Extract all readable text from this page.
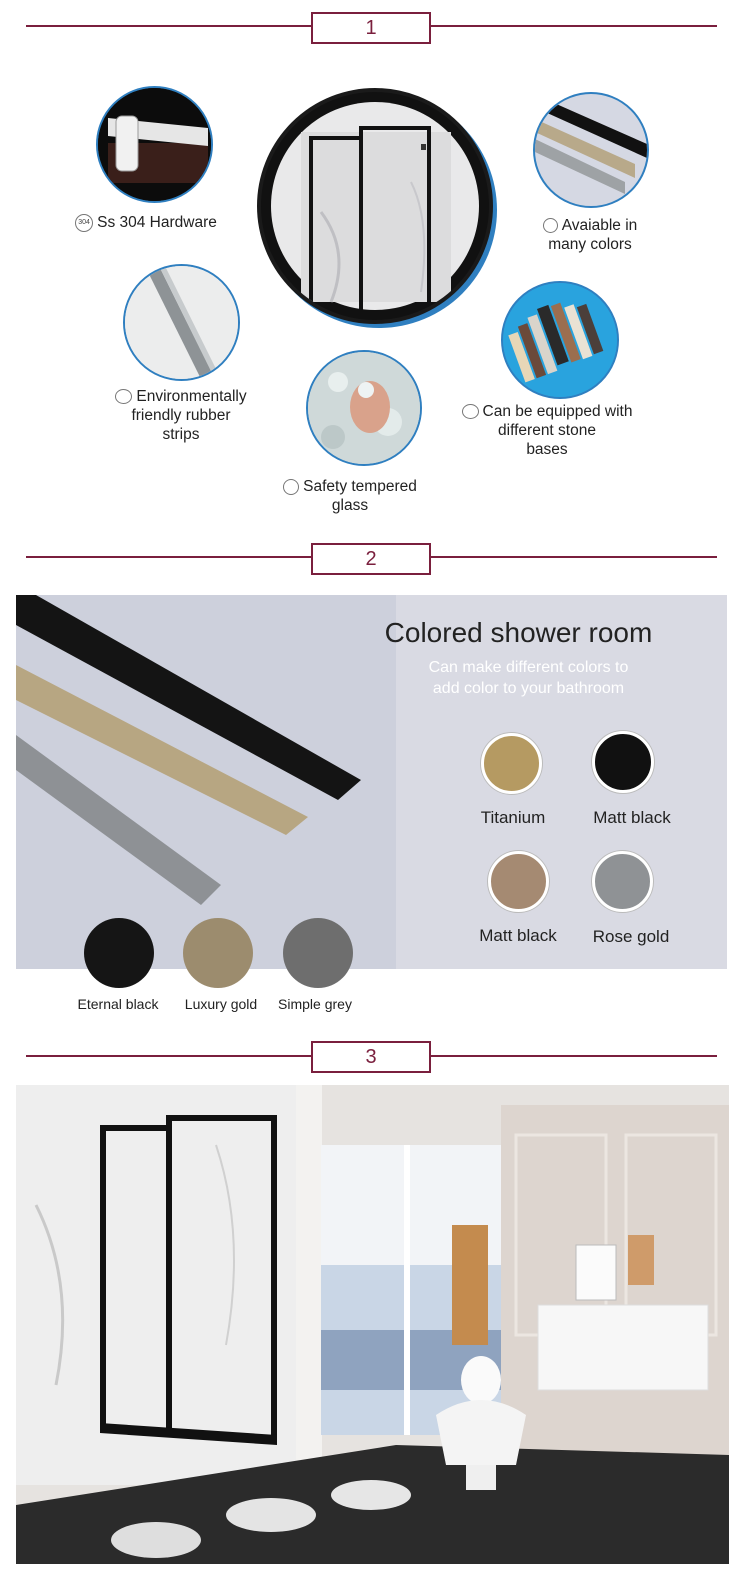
1
304 Ss 304 Hardware	Avaiable in
many colors
Environmentally
friendly rubber
strips
Can be equipped with
different stone
bases
Safety tempered
glass
2
Colored shower room
Can make different colors to
add color to your bathroom
Titanium	Matt black
Matt black	Rose gold
Eternal black	Luxury gold	Simple grey
3
